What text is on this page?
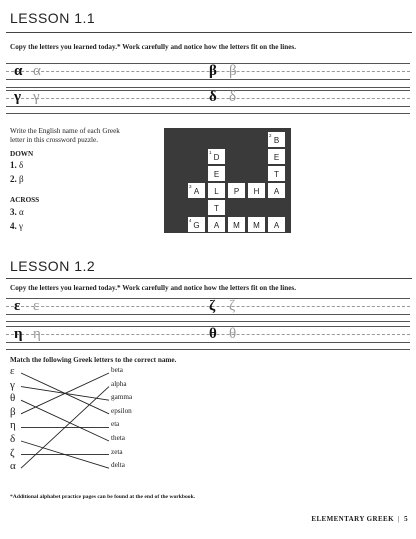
LESSON 1.1
Copy the letters you learned today.* Work carefully and notice how the letters fit on the lines.
α α	β β
γ γ	δ δ
Write the English name of each Greek
letter in this crossword puzzle.
DOWN
1. δ
2. β
ACROSS
3. α
4. γ
B
2
D
1
E
E	T
A
3
L	P	H	A
T
G
4
A	M	M	A
LESSON 1.2
Copy the letters you learned today.* Work carefully and notice how the letters fit on the lines.
ε ε	ζ ζ
η η	θ θ
Match the following Greek letters to the correct name.
ε
γ
θ
β
η
δ
ζ
α
beta
alpha
gamma
epsilon
eta
theta
zeta
delta
*Additional alphabet practice pages can be found at the end of the workbook.
ELEMENTARY GREEK | 5
